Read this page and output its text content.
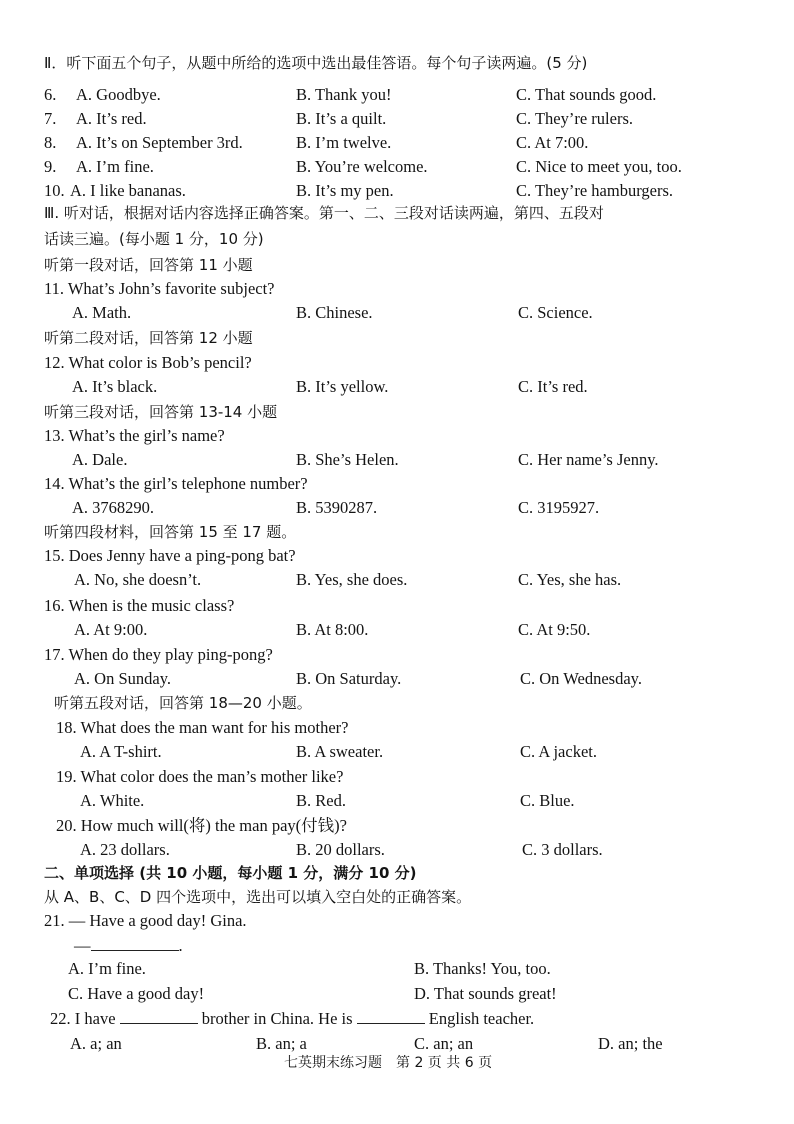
Ⅱ．听下面五个句子，从题中所给的选项中选出最佳答语。每个句子读两遍。(5 分)
6. A. Goodbye.	B. Thank you!	C. That sounds good.
7. A. It’s red.	B. It’s a quilt.	C. They’re rulers.
8. A. It’s on September 3rd.	B. I’m twelve.	C. At 7:00.
9. A. I’m fine.	B. You’re welcome.	C. Nice to meet you, too.
10. A. I like bananas.	B. It’s my pen.	C. They’re hamburgers.
Ⅲ. 听对话，根据对话内容选择正确答案。第一、二、三段对话读两遍，第四、五段对
话读三遍。(每小题 1 分，10 分)
听第一段对话，回答第 11 小题
11. What’s John’s favorite subject?
A. Math.	B. Chinese.	C. Science.
听第二段对话，回答第 12 小题
12. What color is Bob’s pencil?
A. It’s black.	B. It’s yellow.	C. It’s red.
听第三段对话，回答第 13-14 小题
13. What’s the girl’s name?
A. Dale.	B. She’s Helen.	C. Her name’s Jenny.
14. What’s the girl’s telephone number?
A. 3768290.	B. 5390287.	C. 3195927.
听第四段材料，回答第 15 至 17 题。
15. Does Jenny have a ping-pong bat?
A. No, she doesn’t.	B. Yes, she does.	C. Yes, she has.
16. When is the music class?
A. At 9:00.	B. At 8:00.	C. At 9:50.
17. When do they play ping-pong?
A. On Sunday.	B. On Saturday.	C. On Wednesday.
听第五段对话，回答第 18—20 小题。
18. What does the man want for his mother?
A. A T-shirt.	B. A sweater.	C. A jacket.
19. What color does the man’s mother like?
A. White.	B. Red.	C. Blue.
20. How much will(将) the man pay(付钱)?
A. 23 dollars.	B. 20 dollars.	C. 3 dollars.
二、单项选择 (共 10 小题，每小题 1 分，满分 10 分)
从 A、B、C、D 四个选项中，选出可以填入空白处的正确答案。
21. — Have a good day! Gina.
—	.
A. I’m fine.	B. Thanks! You, too.
C. Have a good day!	D. That sounds great!
22. I have	brother in China. He is	English teacher.
A. a; an	B. an; a	C. an; an	D. an; the
七英期末练习题　第 2 页 共 6 页
